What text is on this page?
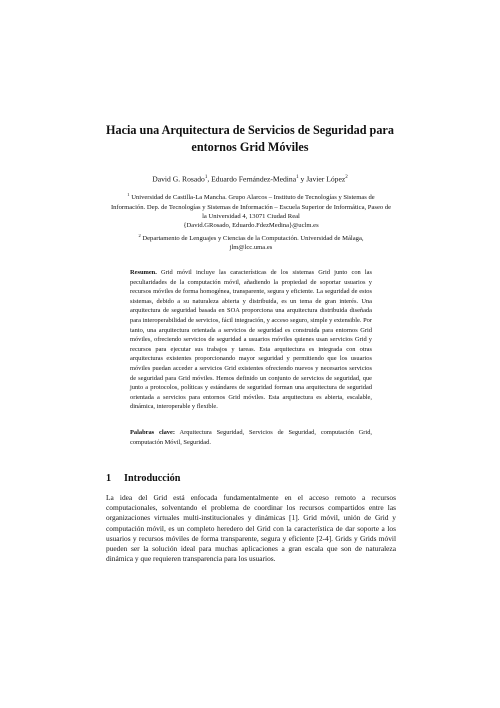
Hacia una Arquitectura de Servicios de Seguridad para entornos Grid Móviles
David G. Rosado$^1$, Eduardo Fernández-Medina$^1$ y Javier López$^2$

$^1$ Universidad de Castilla-La Mancha. Grupo Alarcos – Instituto de Tecnologías y Sistemas de Información. Dep. de Tecnologías y Sistemas de Información – Escuela Superior de Informática, Paseo de la Universidad 4, 13071 Ciudad Real

{David.GRosado, Eduardo.FdezMedina}@uclm.es

$^2$ Departamento de Lenguajes y Ciencias de la Computación. Universidad de Málaga,

jlm@lcc.uma.es

Resumen. Grid móvil incluye las características de los sistemas Grid junto con las peculiaridades de la computación móvil, añadiendo la propiedad de soportar usuarios y recursos móviles de forma homogénea, transparente, segura y eficiente. La seguridad de estos sistemas, debido a su naturaleza abierta y distribuida, es un tema de gran interés. Una arquitectura de seguridad basada en SOA proporciona una arquitectura distribuida diseñada para interoperabilidad de servicios, fácil integración, y acceso seguro, simple y extensible. Por tanto, una arquitectura orientada a servicios de seguridad es construida para entornos Grid móviles, ofreciendo servicios de seguridad a usuarios móviles quienes usan servicios Grid y recursos para ejecutar sus trabajos y tareas. Esta arquitectura es integrada con otras arquitecturas existentes proporcionando mayor seguridad y permitiendo que los usuarios móviles puedan acceder a servicios Grid existentes ofreciendo nuevos y necesarios servicios de seguridad para Grid móviles. Hemos definido un conjunto de servicios de seguridad, que junto a protocolos, políticas y estándares de seguridad forman una arquitectura de seguridad orientada a servicios para entornos Grid móviles. Esta arquitectura es abierta, escalable, dinámica, interoperable y flexible.

Palabras clave: Arquitectura Seguridad, Servicios de Seguridad, computación Grid, computación Móvil, Seguridad.

1 Introducción

La idea del Grid está enfocada fundamentalmente en el acceso remoto a recursos computacionales, solventando el problema de coordinar los recursos compartidos entre las organizaciones virtuales multi-institucionales y dinámicas [1]. Grid móvil, unión de Grid y computación móvil, es un completo heredero del Grid con la característica de dar soporte a los usuarios y recursos móviles de forma transparente, segura y eficiente [2-4]. Grids y Grids móvil pueden ser la solución ideal para muchas aplicaciones a gran escala que son de naturaleza dinámica y que requieren transparencia para los usuarios.
